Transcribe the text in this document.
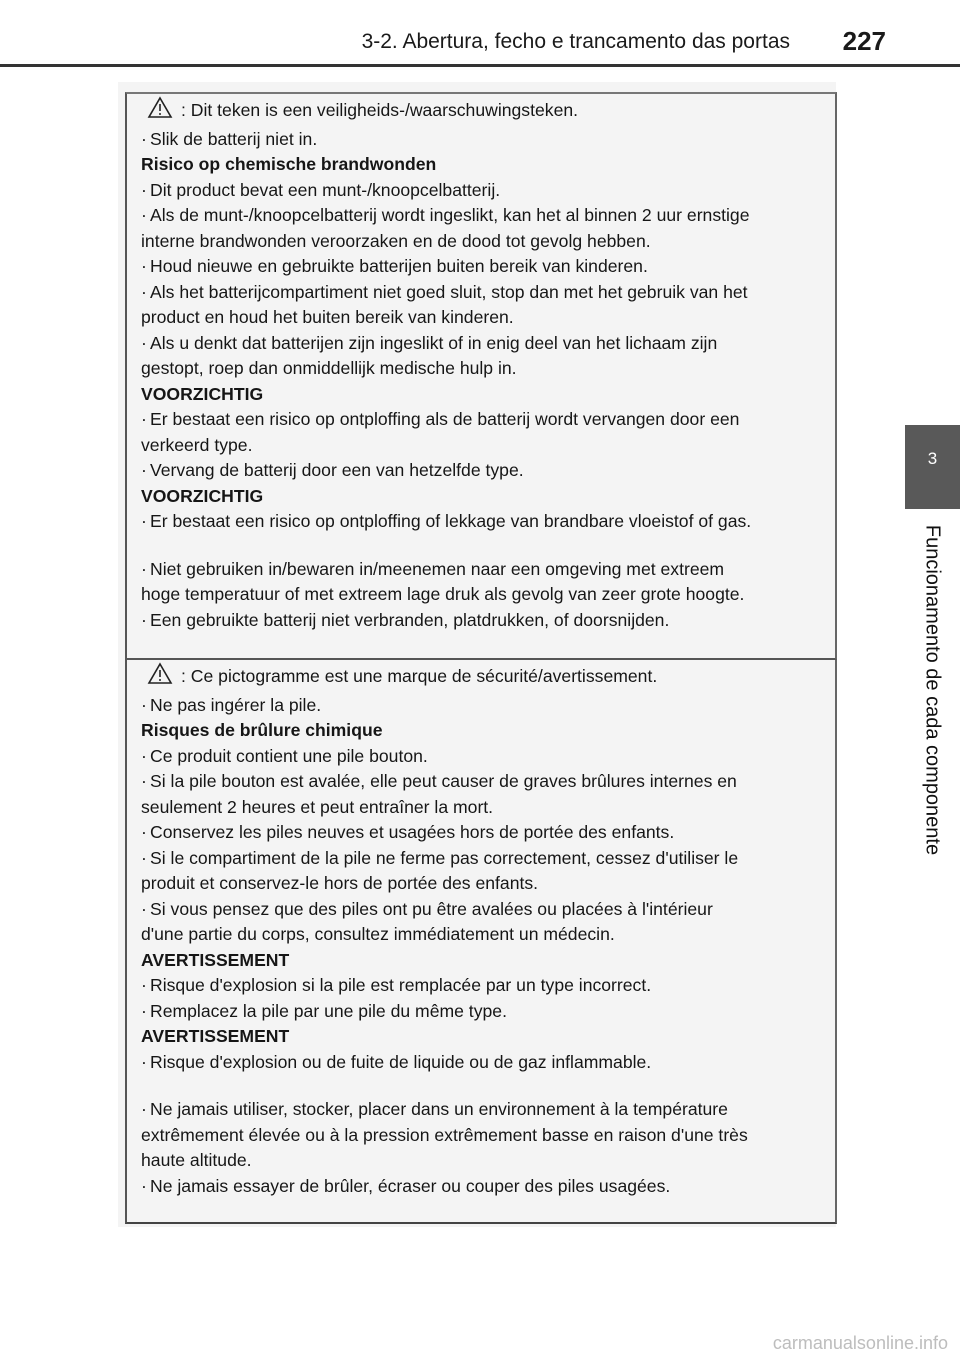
3-2. Abertura, fecho e trancamento das portas 227
3
Funcionamento de cada componente
: Dit teken is een veiligheids-/waarschuwingsteken.
· Slik de batterij niet in.
Risico op chemische brandwonden
· Dit product bevat een munt-/knoopcelbatterij.
· Als de munt-/knoopcelbatterij wordt ingeslikt, kan het al binnen 2 uur ernstige
interne brandwonden veroorzaken en de dood tot gevolg hebben.
· Houd nieuwe en gebruikte batterijen buiten bereik van kinderen.
· Als het batterijcompartiment niet goed sluit, stop dan met het gebruik van het
product en houd het buiten bereik van kinderen.
· Als u denkt dat batterijen zijn ingeslikt of in enig deel van het lichaam zijn
gestopt, roep dan onmiddellijk medische hulp in.
VOORZICHTIG
· Er bestaat een risico op ontploffing als de batterij wordt vervangen door een
verkeerd type.
· Vervang de batterij door een van hetzelfde type.
VOORZICHTIG
· Er bestaat een risico op ontploffing of lekkage van brandbare vloeistof of gas.
· Niet gebruiken in/bewaren in/meenemen naar een omgeving met extreem
hoge temperatuur of met extreem lage druk als gevolg van zeer grote hoogte.
· Een gebruikte batterij niet verbranden, platdrukken, of doorsnijden.
: Ce pictogramme est une marque de sécurité/avertissement.
· Ne pas ingérer la pile.
Risques de brûlure chimique
· Ce produit contient une pile bouton.
· Si la pile bouton est avalée, elle peut causer de graves brûlures internes en
seulement 2 heures et peut entraîner la mort.
· Conservez les piles neuves et usagées hors de portée des enfants.
· Si le compartiment de la pile ne ferme pas correctement, cessez d'utiliser le
produit et conservez-le hors de portée des enfants.
· Si vous pensez que des piles ont pu être avalées ou placées à l'intérieur
d'une partie du corps, consultez immédiatement un médecin.
AVERTISSEMENT
· Risque d'explosion si la pile est remplacée par un type incorrect.
· Remplacez la pile par une pile du même type.
AVERTISSEMENT
· Risque d'explosion ou de fuite de liquide ou de gaz inflammable.
· Ne jamais utiliser, stocker, placer dans un environnement à la température
extrêmement élevée ou à la pression extrêmement basse en raison d'une très
haute altitude.
· Ne jamais essayer de brûler, écraser ou couper des piles usagées.
carmanualsonline.info
